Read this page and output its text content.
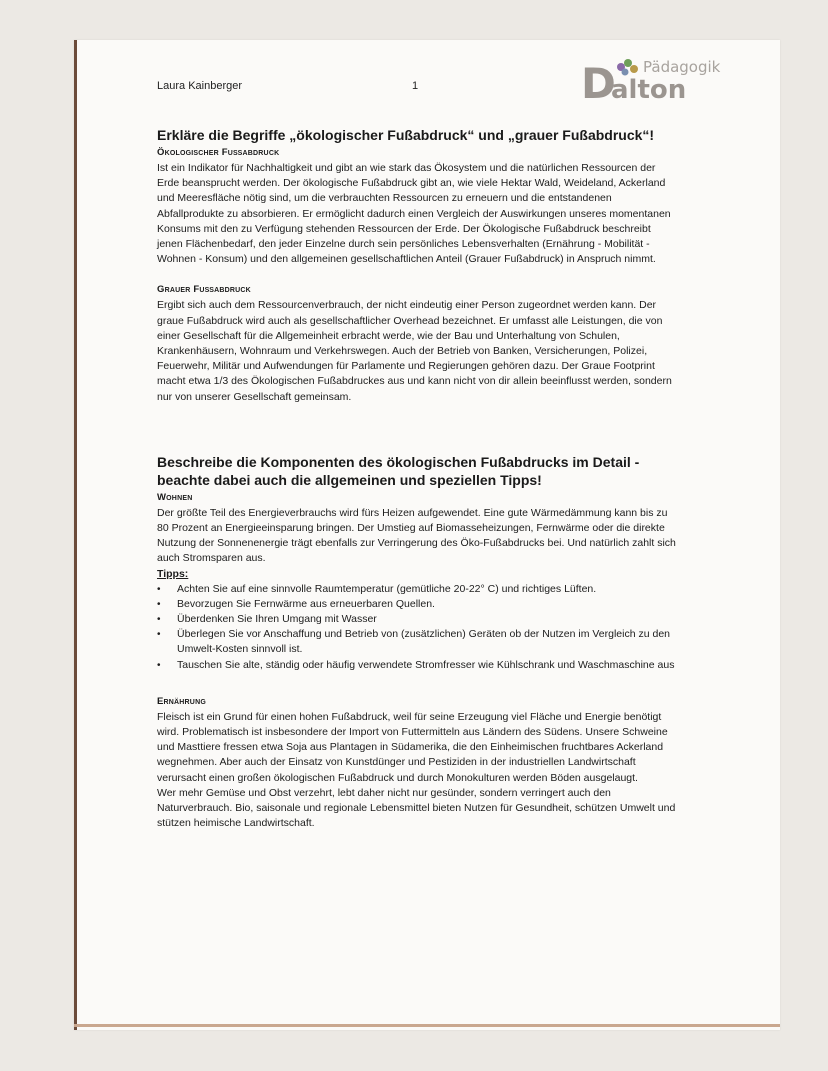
Laura Kainberger	1	D
alton
Pädagogik
Erkläre die Begriffe „ökologischer Fußabdruck“ und „grauer Fußabdruck“!
Ökologischer Fußabdruck

Ist ein Indikator für Nachhaltigkeit und gibt an wie stark das Ökosystem und die natürlichen Ressourcen der Erde beansprucht werden. Der ökologische Fußabdruck gibt an, wie viele Hektar Wald, Weideland, Ackerland und Meeresfläche nötig sind, um die verbrauchten Ressourcen zu erneuern und die entstandenen Abfallprodukte zu absorbieren. Er ermöglicht dadurch einen Vergleich der Auswirkungen unseres momentanen Konsums mit den zu Verfügung stehenden Ressourcen der Erde. Der Ökologische Fußabdruck beschreibt jenen Flächenbedarf, den jeder Einzelne durch sein persönliches Lebensverhalten (Ernährung - Mobilität - Wohnen - Konsum) und den allgemeinen gesellschaftlichen Anteil (Grauer Fußabdruck) in Anspruch nimmt.

Grauer Fußabdruck

Ergibt sich auch dem Ressourcenverbrauch, der nicht eindeutig einer Person zugeordnet werden kann. Der graue Fußabdruck wird auch als gesellschaftlicher Overhead bezeichnet. Er umfasst alle Leistungen, die von einer Gesellschaft für die Allgemeinheit erbracht werde, wie der Bau und Unterhaltung von Schulen, Krankenhäusern, Wohnraum und Verkehrswegen. Auch der Betrieb von Banken, Versicherungen, Polizei, Feuerwehr, Militär und Aufwendungen für Parlamente und Regierungen gehören dazu. Der Graue Footprint macht etwa 1/3 des Ökologischen Fußabdruckes aus und kann nicht von dir allein beeinflusst werden, sondern nur von unserer Gesellschaft gemeinsam.

Beschreibe die Komponenten des ökologischen Fußabdrucks im Detail - beachte dabei auch die allgemeinen und speziellen Tipps!
Wohnen

Der größte Teil des Energieverbrauchs wird fürs Heizen aufgewendet. Eine gute Wärmedämmung kann bis zu 80 Prozent an Energieeinsparung bringen. Der Umstieg auf Biomasseheizungen, Fernwärme oder die direkte Nutzung der Sonnenenergie trägt ebenfalls zur Verringerung des Öko-Fußabdrucks bei. Und natürlich zahlt sich auch Stromsparen aus.

Tipps:

• Achten Sie auf eine sinnvolle Raumtemperatur (gemütliche 20-22° C) und richtiges Lüften.
• Bevorzugen Sie Fernwärme aus erneuerbaren Quellen.
• Überdenken Sie Ihren Umgang mit Wasser
• Überlegen Sie vor Anschaffung und Betrieb von (zusätzlichen) Geräten ob der Nutzen im Vergleich zu den Umwelt-Kosten sinnvoll ist.
• Tauschen Sie alte, ständig oder häufig verwendete Stromfresser wie Kühlschrank und Waschmaschine aus
Ernährung

Fleisch ist ein Grund für einen hohen Fußabdruck, weil für seine Erzeugung viel Fläche und Energie benötigt wird. Problematisch ist insbesondere der Import von Futtermitteln aus Ländern des Südens. Unsere Schweine und Masttiere fressen etwa Soja aus Plantagen in Südamerika, die den Einheimischen fruchtbares Ackerland wegnehmen. Aber auch der Einsatz von Kunstdünger und Pestiziden in der industriellen Landwirtschaft verursacht einen großen ökologischen Fußabdruck und durch Monokulturen werden Böden ausgelaugt.

Wer mehr Gemüse und Obst verzehrt, lebt daher nicht nur gesünder, sondern verringert auch den Naturverbrauch. Bio, saisonale und regionale Lebensmittel bieten Nutzen für Gesundheit, schützen Umwelt und stützen heimische Landwirtschaft.
